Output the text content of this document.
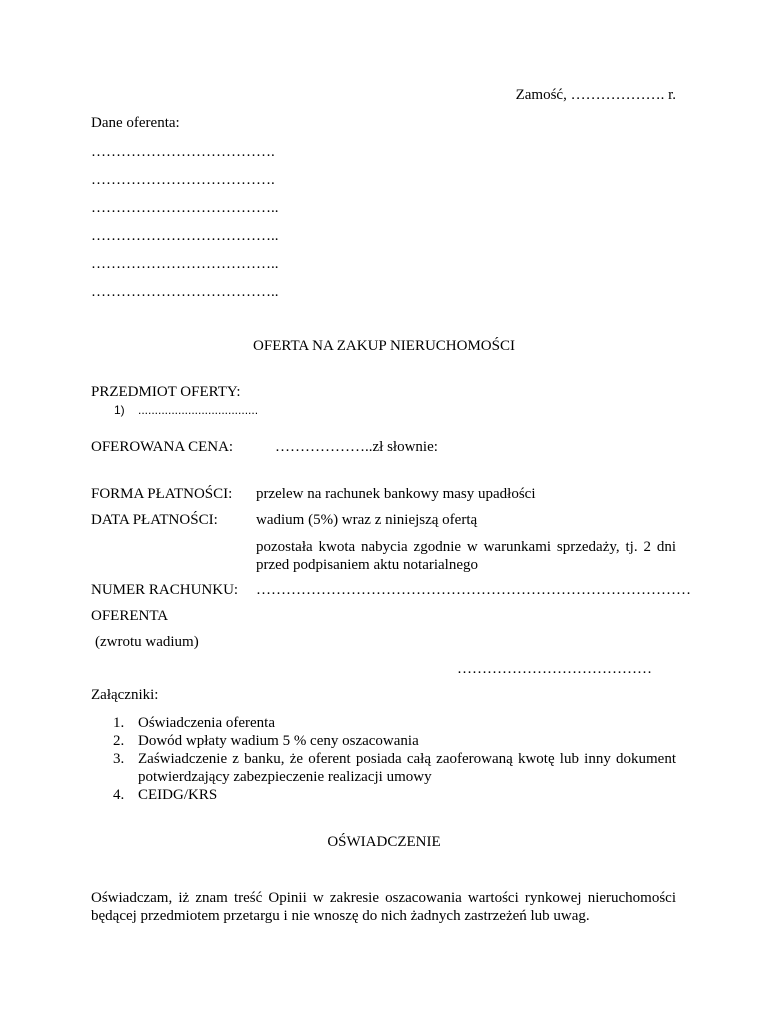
Zamość, ………………. r.
Dane oferenta:
……………………………….
……………………………….
………………………………..
………………………………..
………………………………..
………………………………..
OFERTA NA ZAKUP NIERUCHOMOŚCI
PRZEDMIOT OFERTY:
1) ....................................
OFEROWANA CENA:	………………..zł słownie:
FORMA PŁATNOŚCI: przelew na rachunek bankowy masy upadłości
DATA PŁATNOŚCI:	wadium (5%) wraz z niniejszą ofertą
pozostała kwota nabycia zgodnie w warunkami sprzedaży, tj. 2 dni przed podpisaniem aktu notarialnego
NUMER RACHUNKU: ……………………………………………………………………………
OFERENTA
(zwrotu wadium)
…………………………………
Załączniki:
1. Oświadczenia oferenta
2. Dowód wpłaty wadium 5 % ceny oszacowania
3. Zaświadczenie z banku, że oferent posiada całą zaoferowaną kwotę lub inny dokument potwierdzający zabezpieczenie realizacji umowy
4. CEIDG/KRS
OŚWIADCZENIE
Oświadczam, iż znam treść Opinii w zakresie oszacowania wartości rynkowej nieruchomości będącej przedmiotem przetargu i nie wnoszę do nich żadnych zastrzeżeń lub uwag.
